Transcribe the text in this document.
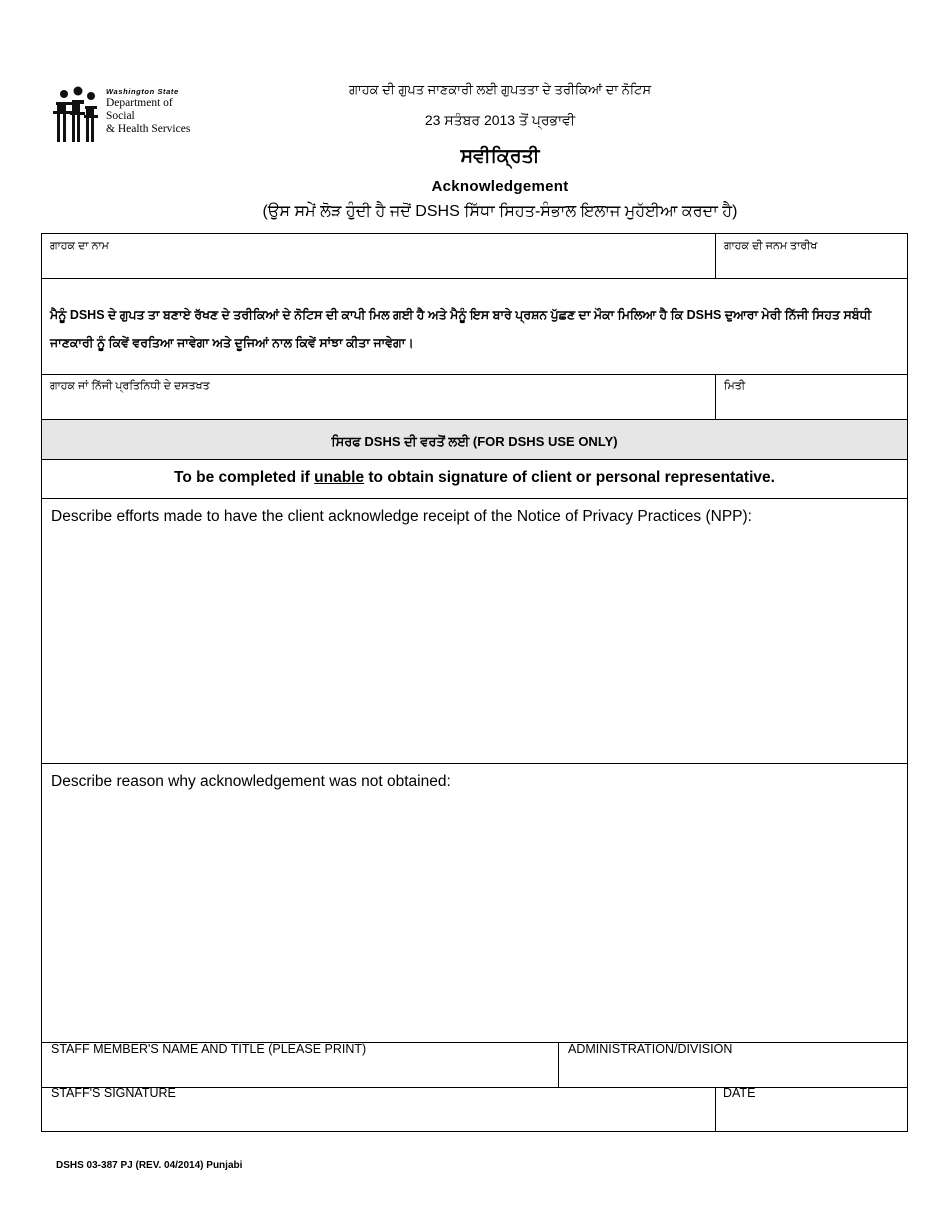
Washington State
Department of Social
& Health Services
ਗਾਹਕ ਦੀ ਗੁਪਤ ਜਾਣਕਾਰੀ ਲਈ ਗੁਪਤਤਾ ਦੇ ਤਰੀਕਿਆਂ ਦਾ ਨੋਟਿਸ
23 ਸਤੰਬਰ 2013 ਤੋਂ ਪ੍ਰਭਾਵੀ
ਸਵੀਕ੍ਰਿਤੀ
Acknowledgement
(ਉਸ ਸਮੇਂ ਲੋੜ ਹੁੰਦੀ ਹੈ ਜਦੋਂ DSHS ਸਿੱਧਾ ਸਿਹਤ-ਸੰਭਾਲ ਇਲਾਜ ਮੁਹੱਈਆ ਕਰਦਾ ਹੈ)
ਗਾਹਕ ਦਾ ਨਾਮ	ਗਾਹਕ ਦੀ ਜਨਮ ਤਾਰੀਖ
ਮੈਨੂੰ DSHS ਦੇ ਗੁਪਤ ਤਾ ਬਣਾਏ ਰੱਖਣ ਦੇ ਤਰੀਕਿਆਂ ਦੇ ਨੋਟਿਸ ਦੀ ਕਾਪੀ ਮਿਲ ਗਈ ਹੈ ਅਤੇ ਮੈਨੂੰ ਇਸ ਬਾਰੇ ਪ੍ਰਸ਼ਨ ਪੁੱਛਣ ਦਾ ਮੌਕਾ ਮਿਲਿਆ ਹੈ ਕਿ DSHS ਦੁਆਰਾ ਮੇਰੀ ਨਿੱਜੀ ਸਿਹਤ ਸਬੰਧੀ ਜਾਣਕਾਰੀ ਨੂੰ ਕਿਵੇਂ ਵਰਤਿਆ ਜਾਵੇਗਾ ਅਤੇ ਦੂਜਿਆਂ ਨਾਲ ਕਿਵੇਂ ਸਾਂਝਾ ਕੀਤਾ ਜਾਵੇਗਾ।
ਗਾਹਕ ਜਾਂ ਨਿੱਜੀ ਪ੍ਰਤਿਨਿਧੀ ਦੇ ਦਸਤਖਤ	ਮਿਤੀ
ਸਿਰਫ DSHS ਦੀ ਵਰਤੋਂ ਲਈ (FOR DSHS USE ONLY)
To be completed if unable to obtain signature of client or personal representative.
Describe efforts made to have the client acknowledge receipt of the Notice of Privacy Practices (NPP):
Describe reason why acknowledgement was not obtained:
STAFF MEMBER'S NAME AND TITLE (PLEASE PRINT)	ADMINISTRATION/DIVISION
STAFF'S SIGNATURE	DATE
DSHS 03-387 PJ (REV. 04/2014) Punjabi
